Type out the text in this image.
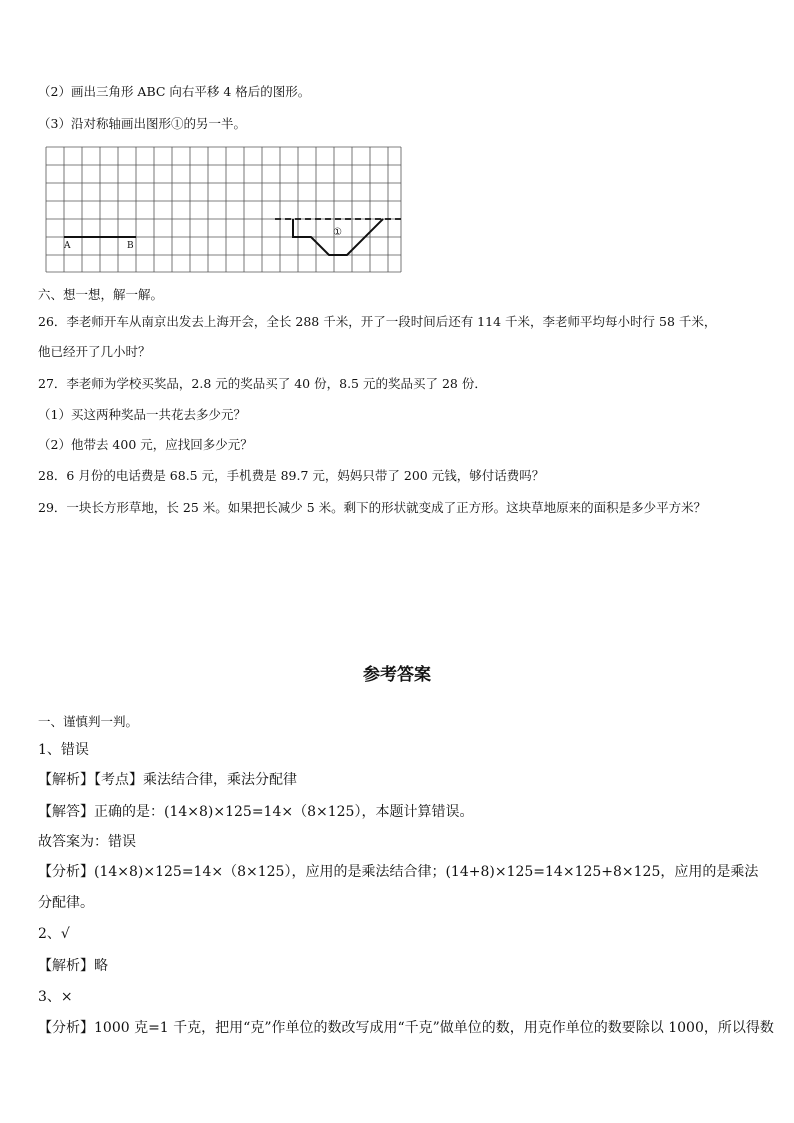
（2）画出三角形 ABC 向右平移 4 格后的图形。
（3）沿对称轴画出图形①的另一半。
A	B
①
六、想一想，解一解。
26．李老师开车从南京出发去上海开会，全长 288 千米，开了一段时间后还有 114 千米，李老师平均每小时行 58 千米，
他已经开了几小时？
27．李老师为学校买奖品，2.8 元的奖品买了 40 份，8.5 元的奖品买了 28 份．
（1）买这两种奖品一共花去多少元？
（2）他带去 400 元，应找回多少元？
28．6 月份的电话费是 68.5 元，手机费是 89.7 元，妈妈只带了 200 元钱，够付话费吗？
29．一块长方形草地，长 25 米。如果把长减少 5 米。剩下的形状就变成了正方形。这块草地原来的面积是多少平方米？
参考答案
一、谨慎判一判。
1、错误
【解析】【考点】乘法结合律，乘法分配律
【解答】正确的是：(14×8)×125=14×（8×125），本题计算错误。
故答案为：错误
【分析】(14×8)×125=14×（8×125），应用的是乘法结合律；(14+8)×125=14×125+8×125，应用的是乘法
分配律。
2、√
【解析】略
3、×
【分析】1000 克=1 千克，把用“克”作单位的数改写成用“千克”做单位的数，用克作单位的数要除以 1000，所以得数
